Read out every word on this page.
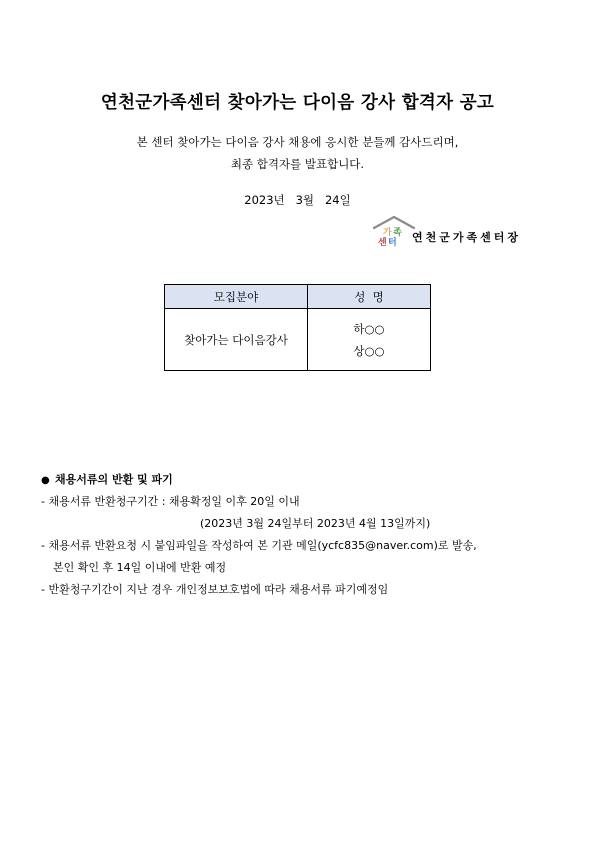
연천군가족센터 찾아가는 다이음 강사 합격자 공고
본 센터 찾아가는 다이음 강사 채용에 응시한 분들께 감사드리며,
최종 합격자를 발표합니다.
2023년   3월   24일
가 족
센 터 연천군가족센터장
모집분야	성  명
찾아가는 다이음강사	하○○
상○○
● 채용서류의 반환 및 파기
- 채용서류 반환청구기간 : 채용확정일 이후 20일 이내
(2023년 3월 24일부터 2023년 4월 13일까지)
- 채용서류 반환요청 시 붙임파일을 작성하여 본 기관 메일(ycfc835@naver.com)로 발송,
본인 확인 후 14일 이내에 반환 예정
- 반환청구기간이 지난 경우 개인정보보호법에 따라 채용서류 파기예정임
